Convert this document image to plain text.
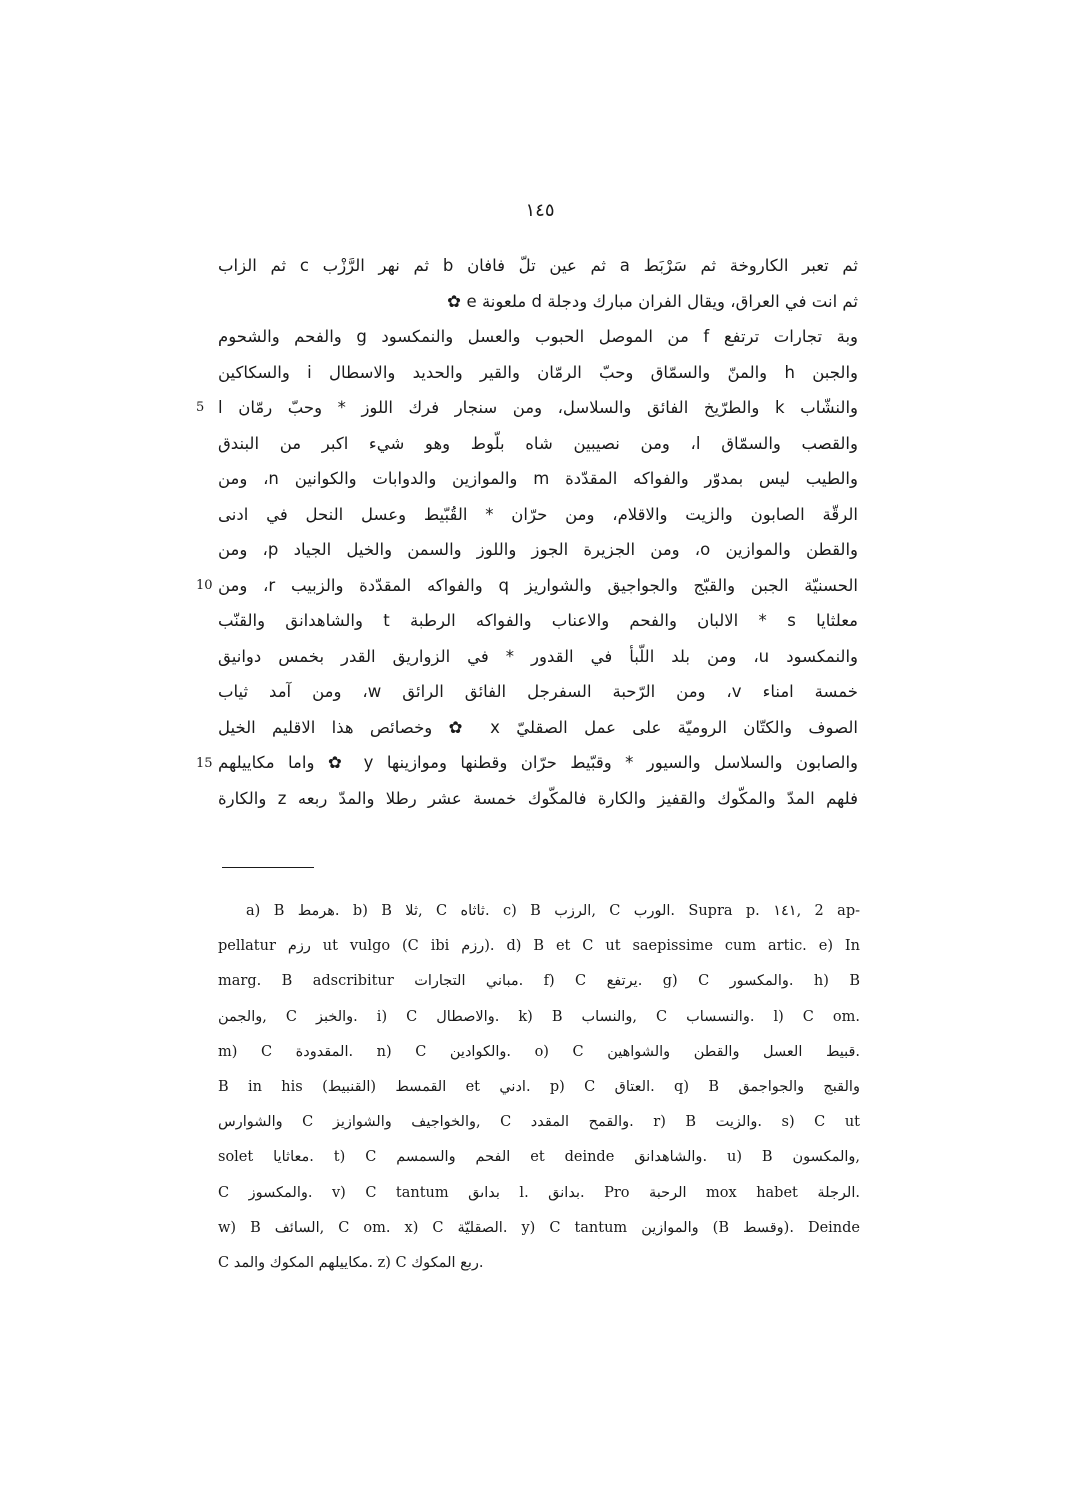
١٤٥
ثم تعبر الكاروخة ثم سَرْبَط a ثم عين تلّ فافان b ثم نهر الرَّزْب c ثم الزاب
ثم انت في العراق، ويقال الفران مبارك ودجلة d ملعونة e ✿
وبة تجارات ترتفع f من الموصل الحبوب والعسل والنمكسود g والفحم والشحوم
والجبن h والمنّ والسمّاق وحبّ الرمّان والقير والحديد والاسطال i والسكاكين
والنشّاب k والطرّيخ الفائق والسلاسل، ومن سنجار فرك اللوز * وحبّ رمّان l
والقصب والسمّاق l، ومن نصيبين شاه بلّوط وهو شيء اكبر من البندق
والطيب ليس بمدوّر والفواكه المقدّدة m والموازين والدوابات والكوانين n، ومن
الرقّة الصابون والزيت والاقلام، ومن حرّان * القُبّيط وعسل النحل في ادنى
والقطن والموازين o، ومن الجزيرة الجوز واللوز والسمن والخيل الجياد p، ومن
الحسنيّة الجبن والقبّج والجواجيق والشواريز q والفواكه المقدّدة والزبيب r، ومن
معلثايا s * الالبان والفحم والاعناب والفواكه الرطبة t والشاهدانق والقنّب
والنمكسود u، ومن بلد اللّبأ في القدور * في الزواريق القدر بخمس دوانيق
خمسة امناء v، ومن الرّحبة السفرجل الفائق الرائق w، ومن آمد ثياب
الصوف والكتّان الروميّة على عمل الصقليّ x ✿ وخصائص هذا الاقليم الخيل
والصابون والسلاسل والسيور * وقبّيط حرّان وقطنها وموازينها y ✿ واما مكاييلهم
فلهم المدّ والمكّوك والقفيز والكارة فالمكّوك خمسة عشر رطلا والمدّ ربعه z والكارة
5
10
15
a) B هرمط. b) B ثلا, C ثاثاه. c) B الرزب, C الورب. Supra p. ١٤١, 2 ap-
pellatur رزم ut vulgo (C ibi رزم). d) B et C ut saepissime cum artic. e) In
marg. B adscribitur مباني التجارات. f) C يرتفع. g) C والمكسور. h) B
والجمن, C والخبز. i) C والاصطال. k) B والنساب, C والنسساب. l) C om.
m) C المقدودة. n) C والكوادين. o) C قبيط العسل والقطن والشواهين.
B in his القمسط (القنبيط) et ادني. p) C العتاق. q) B والقبج والجواجمق
والشوارس C والخواجيف والشوازيز, C والقمح المقدد. r) B والزيت. s) C ut
solet معاثايا. t) C الفحم والسمسم et deinde والشاهدانق. u) B والمكسون,
C والمكسوز. v) C tantum بداىق l. بدانق. Pro الرحبة mox habet الرجلة.
w) B السائف, C om. x) C الصقليّة. y) C tantum والموازين (B وقسط). Deinde
C مكاييلهم المكوك والمد. z) C ربع المكوك.
